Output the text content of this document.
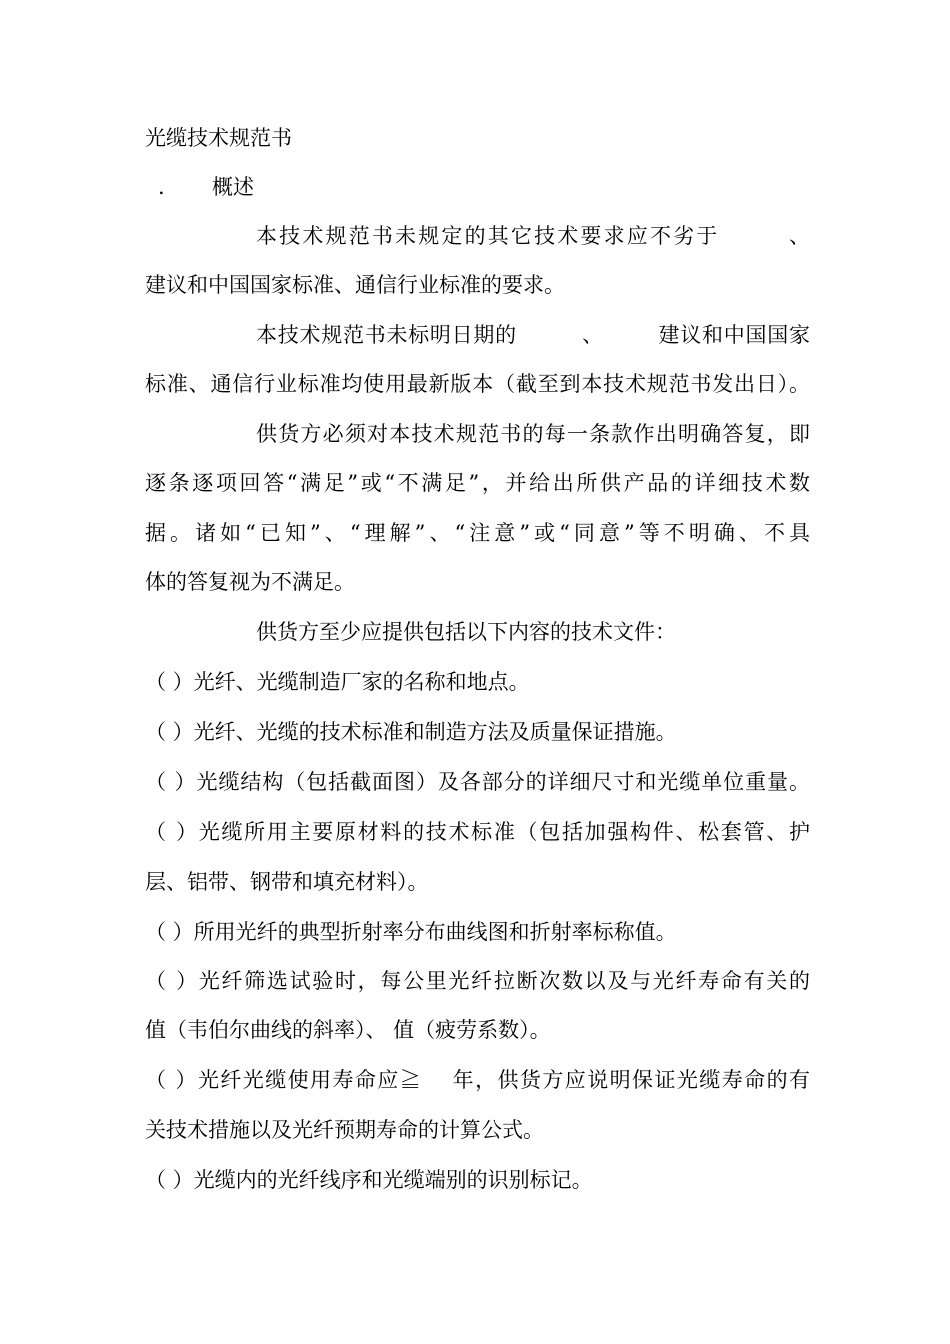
光缆技术规范书
. 概述
本技术规范书未规定的其它技术要求应不劣于　　　、
建议和中国国家标准、通信行业标准的要求。
本技术规范书未标明日期的　　　、　　　建议和中国国家
标准、通信行业标准均使用最新版本（截至到本技术规范书发出日）。
供货方必须对本技术规范书的每一条款作出明确答复，即
逐条逐项回答“满足”或“不满足”，并给出所供产品的详细技术数
据。诸如“已知”、“理解”、“注意”或“同意”等不明确、不具
体的答复视为不满足。
供货方至少应提供包括以下内容的技术文件：
（ ）光纤、光缆制造厂家的名称和地点。
（ ）光纤、光缆的技术标准和制造方法及质量保证措施。
（ ）光缆结构（包括截面图）及各部分的详细尺寸和光缆单位重量。
（ ）光缆所用主要原材料的技术标准（包括加强构件、松套管、护
层、铝带、钢带和填充材料）。
（ ）所用光纤的典型折射率分布曲线图和折射率标称值。
（ ）光纤筛选试验时，每公里光纤拉断次数以及与光纤寿命有关的
值（韦伯尔曲线的斜率）、 值（疲劳系数）。
（ ）光纤光缆使用寿命应≧　 年，供货方应说明保证光缆寿命的有
关技术措施以及光纤预期寿命的计算公式。
（ ）光缆内的光纤线序和光缆端别的识别标记。
